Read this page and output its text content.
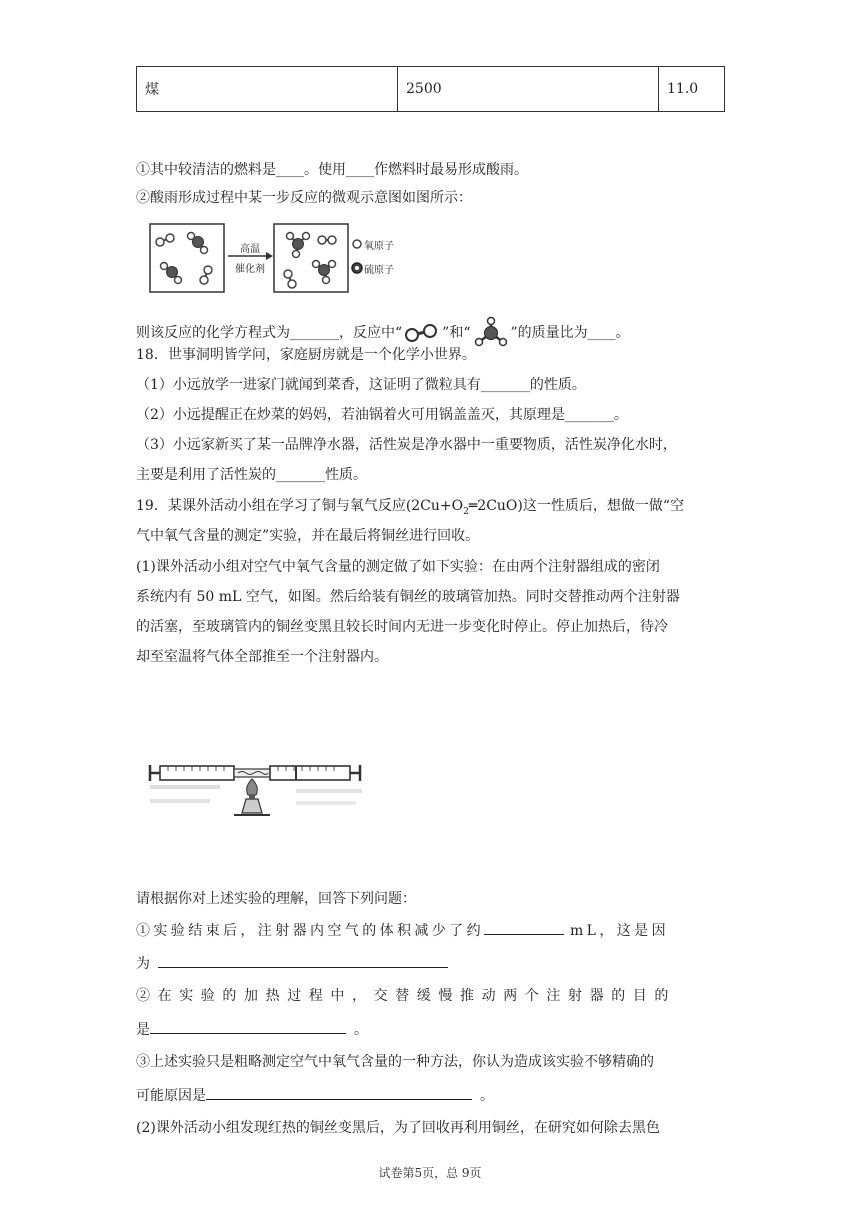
煤	2500	11.0
①其中较清洁的燃料是____。使用____作燃料时最易形成酸雨。
②酸雨形成过程中某一步反应的微观示意图如图所示：
高温
催化剂
氧原子
硫原子
则该反应的化学方程式为_______，反应中“	”和“	”的质量比为____。
18．世事洞明皆学问，家庭厨房就是一个化学小世界。
（1）小远放学一进家门就闻到菜香，这证明了微粒具有_______的性质。
（2）小远提醒正在炒菜的妈妈，若油锅着火可用锅盖盖灭，其原理是_______。
（3）小远家新买了某一品牌净水器，活性炭是净水器中一重要物质，活性炭净化水时，
主要是利用了活性炭的_______性质。
19．某课外活动小组在学习了铜与氧气反应$(2Cu+O_2═2CuO)$这一性质后，想做一做“空
气中氧气含量的测定”实验，并在最后将铜丝进行回收。
(1)课外活动小组对空气中氧气含量的测定做了如下实验：在由两个注射器组成的密闭
系统内有 50 mL 空气，如图。然后给装有铜丝的玻璃管加热。同时交替推动两个注射器
的活塞，至玻璃管内的铜丝变黑且较长时间内无进一步变化时停止。停止加热后，待冷
却至室温将气体全部推至一个注射器内。
请根据你对上述实验的理解，回答下列问题：
①实验结束后，注射器内空气的体积减少了约	mL，这是因
为
②在实验的加热过程中，交替缓慢推动两个注射器的目的
是	。
③上述实验只是粗略测定空气中氧气含量的一种方法，你认为造成该实验不够精确的
可能原因是	。
(2)课外活动小组发现红热的铜丝变黑后，为了回收再利用铜丝，在研究如何除去黑色
试卷第5页，总 9页
